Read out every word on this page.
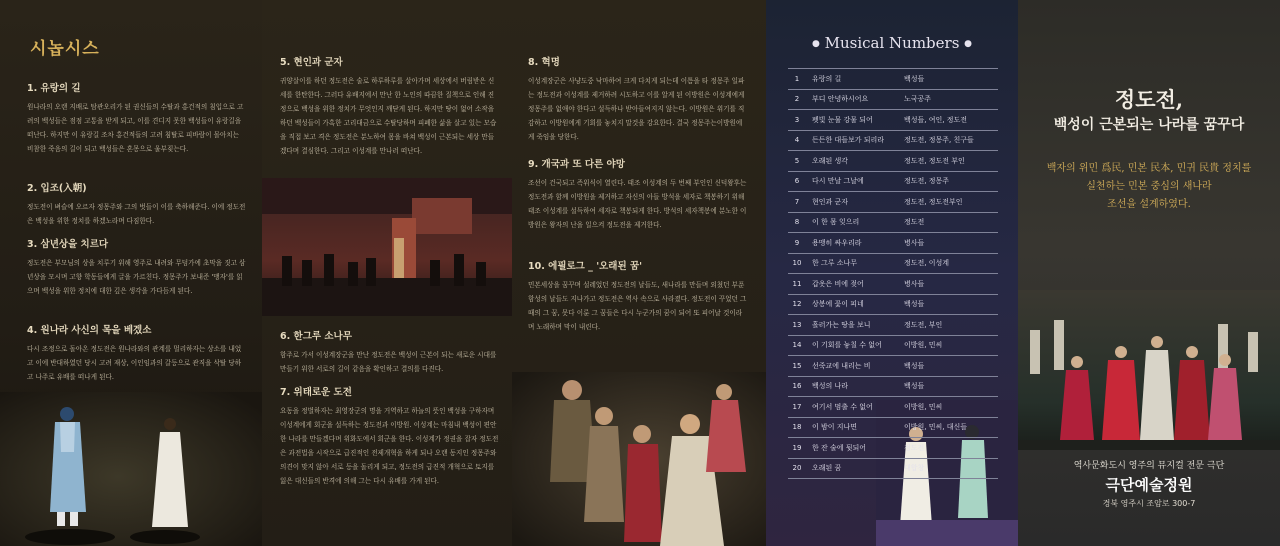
시놉시스
1. 유랑의 길

원나라의 오랜 지배로 탐관오리가 된 권신들의 수탈과 홍건적의 침입으로 고려의 백성들은 점점 고통을 받게 되고, 이를 견디지 못한 백성들이 유랑길을 떠난다. 하지만 이 유랑길 조차 홍건적들의 고려 침탈로 피바람이 몰아치는 비참한 죽음의 길이 되고 백성들은 혼몽으로 울부짖는다.

2. 입조(入朝)

정도전이 벼슬에 오르자 정몽주와 그의 벗들이 이를 축하해준다. 이에 정도전은 백성을 위한 정치를 하겠노라며 다짐한다.

3. 삼년상을 치르다

정도전은 부모님의 상을 치루기 위해 영주로 내려와 무덤가에 초막을 짓고 삼년상을 모시며 고향 학동들에게 글을 가르친다. 정몽주가 보내준 '맹자'를 읽으며 백성을 위한 정치에 대한 깊은 생각을 가다듬게 된다.

4. 원나라 사신의 목을 베겠소

다시 조정으로 돌아온 정도전은 원나라와의 관계를 멀리하자는 상소를 내었고 이에 반대하였던 당시 고려 재상, 이인임과의 갈등으로 관직을 삭탈 당하고 나주로 유배를 떠나게 된다.

5. 현인과 군자

귀양살이를 하던 정도전은 술로 하루하루를 살아가며 세상에서 버림받은 신세를 한탄한다. 그러다 유배지에서 만난 한 노인의 따끔한 질책으로 인해 진정으로 백성을 위한 정치가 무엇인지 깨닫게 된다. 하지만 땅이 없어 소작을 하던 백성들이 가혹한 고리대금으로 수탈당하며 피폐한 삶을 살고 있는 모습을 직접 보고 격은 정도전은 분노하여 몸을 바쳐 백성이 근본되는 세상 만들겠다며 결심한다. 그리고 이성계를 만나러 떠난다.

6. 한그루 소나무

함주로 가서 이성계장군을 만난 정도전은 백성이 근본이 되는 새로운 시대를 만들기 위한 서로의 길이 같음을 확인하고 결의를 다진다.

7. 위태로운 도전

요동을 정벌하자는 최영장군의 명을 거역하고 하늘의 뜻인 백성을 구하자며 이성계에게 회군을 설득하는 정도전과 이방원. 이성계는 마침내 백성이 편안한 나라를 만들겠다며 위화도에서 회군을 한다. 이성계가 정권을 잡자 정도전은 과전법을 시작으로 급진적인 전제개혁을 하게 되나 오랜 동지인 정몽주와 의견이 맞지 않아 서로 등을 돌리게 되고, 정도전의 급진적 개혁으로 토지를 잃은 대신들의 반격에 의해 그는 다시 유배를 가게 된다.

8. 혁명

이성계장군은 사냥도중 낙마하여 크게 다치게 되는데 이틈을 타 정몽주 일파는 정도전과 이성계를 제거하려 시도하고 이를 알게 된 이방원은 이성계에게 정몽주를 없애야 한다고 설득하나 받아들여지지 않는다. 이방원은 위기를 직감하고 이방원에게 기회를 놓치지 말것을 강요한다. 결국 정몽주는이방원에게 죽임을 당한다.

9. 개국과 또 다른 야망

조선이 건국되고 즉위식이 열린다. 태조 이성계의 두 번째 부인인 신덕왕후는 정도전과 함께 이방원을 제거하고 자신의 아들 방석을 세자로 책봉하기 위해 태조 이성계를 설득하여 세자로 책봉되게 한다. 방석의 세자책봉에 분노한 이방원은 왕자의 난을 일으켜 정도전을 제거한다.

10. 에필로그 _ '오래된 꿈'

민본세상을 꿈꾸며 설레었던 정도전의 날들도, 새나라를 만들며 외쳤던 부푼 함성의 날들도 지나가고 정도전은 역사 속으로 사라졌다. 정도전이 꾸었던 그때의 그 꿈, 못다 이룬 그 꿈들은 다시 누군가의 꿈이 되어 또 피어날 것이라며 노래하며 막이 내린다.

● Musical Numbers ●
1	유랑의 길	백성들
2	부디 안녕하시어요	노국공주
3	펫빛 눈물 강물 되어	백성들, 여인, 정도전
4	든든한 대들보가 되리라	정도전, 정몽주, 친구들
5	오래된 생각	정도전, 정도전 부인
6	다시 만날 그날에	정도전, 정몽주
7	현인과 군자	정도전, 정도전부인
8	이 한 몸 잊으리	정도전
9	용맹히 싸우리라	병사들
10	한 그루 소나무	정도전, 이성계
11	갑옷은 비에 젖어	병사들
12	상봉에 꽃이 피네	백성들
13	흘러가는 땅을 보니	정도전, 부인
14	이 기회를 놓칠 수 없어	이방원, 민씨
15	선죽교에 내리는 비	백성들
16	백성의 나라	백성들
17	여기서 멈출 수 없어	이방원, 민씨
18	이 밤이 지나면	이방원, 민씨, 대신들
19	한 잔 술에 뒷되어	정도전
20	오래된 꿈	대합창
정도전,
백성이 근본되는 나라를 꿈꾸다
백자의 위민 爲民, 민본 民本, 민귀 民貴 정치를
실천하는 민본 중심의 새나라
조선을 설계하였다.
역사문화도시 영주의 뮤지컬 전문 극단
극단예술정원
경북 영주시 조암로 300-7
